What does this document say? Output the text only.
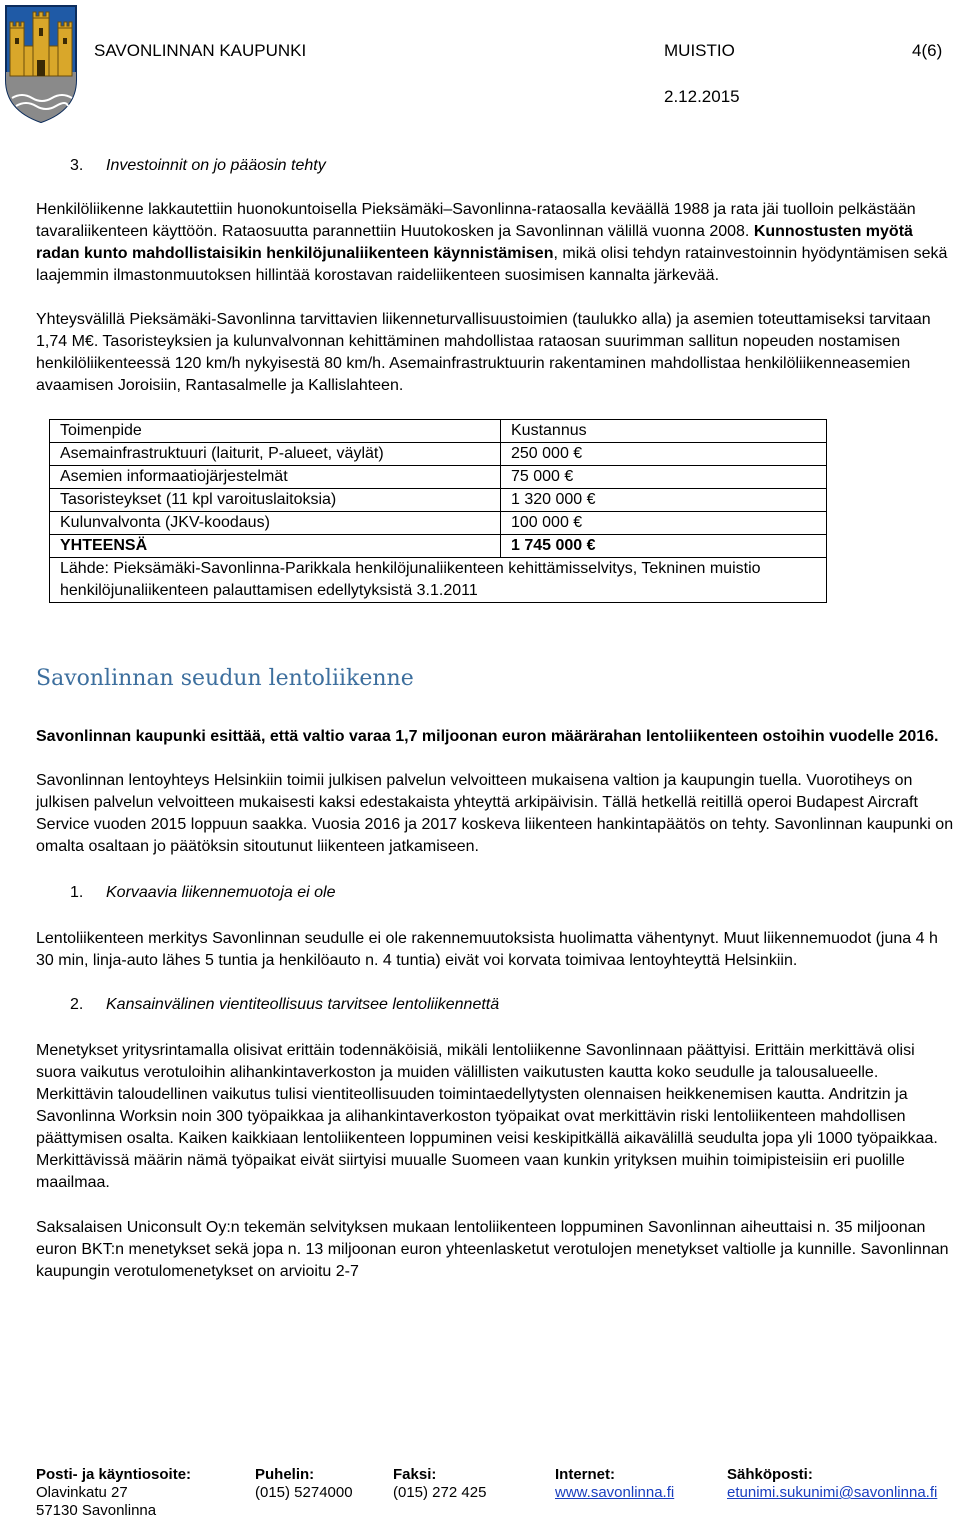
SAVONLINNAN KAUPUNKI	MUISTIO	4(6)
2.12.2015
3. Investoinnit on jo pääosin tehty

Henkilöliikenne lakkautettiin huonokuntoisella Pieksämäki–Savonlinna-rataosalla keväällä 1988 ja rata jäi tuolloin pelkästään tavaraliikenteen käyttöön. Rataosuutta parannettiin Huutokosken ja Savonlinnan välillä vuonna 2008. Kunnostusten myötä radan kunto mahdollistaisikin henkilöjunaliikenteen käynnistämisen, mikä olisi tehdyn ratainvestoinnin hyödyntämisen sekä laajemmin ilmastonmuutoksen hillintää korostavan raideliikenteen suosimisen kannalta järkevää.

Yhteysvälillä Pieksämäki-Savonlinna tarvittavien liikenneturvallisuustoimien (taulukko alla) ja asemien toteuttamiseksi tarvitaan 1,74 M€. Tasoristeyksien ja kulunvalvonnan kehittäminen mahdollistaa rataosan suurimman sallitun nopeuden nostamisen henkilöliikenteessä 120 km/h nykyisestä 80 km/h. Asemainfrastruktuurin rakentaminen mahdollistaa henkilöliikenneasemien avaamisen Joroisiin, Rantasalmelle ja Kallislahteen.

Toimenpide	Kustannus
Asemainfrastruktuuri (laiturit, P-alueet, väylät)	250 000 €
Asemien informaatiojärjestelmät	75 000 €
Tasoristeykset (11 kpl varoituslaitoksia)	1 320 000 €
Kulunvalvonta (JKV-koodaus)	100 000 €
YHTEENSÄ	1 745 000 €
Lähde: Pieksämäki-Savonlinna-Parikkala henkilöjunaliikenteen kehittämisselvitys, Tekninen muistio henkilöjunaliikenteen palauttamisen edellytyksistä 3.1.2011	
Savonlinnan seudun lentoliikenne

Savonlinnan kaupunki esittää, että valtio varaa 1,7 miljoonan euron määrärahan lentoliikenteen ostoihin vuodelle 2016.

Savonlinnan lentoyhteys Helsinkiin toimii julkisen palvelun velvoitteen mukaisena valtion ja kaupungin tuella. Vuorotiheys on julkisen palvelun velvoitteen mukaisesti kaksi edestakaista yhteyttä arkipäivisin. Tällä hetkellä reitillä operoi Budapest Aircraft Service vuoden 2015 loppuun saakka. Vuosia 2016 ja 2017 koskeva liikenteen hankintapäätös on tehty. Savonlinnan kaupunki on omalta osaltaan jo päätöksin sitoutunut liikenteen jatkamiseen.

1. Korvaavia liikennemuotoja ei ole

Lentoliikenteen merkitys Savonlinnan seudulle ei ole rakennemuutoksista huolimatta vähentynyt. Muut liikennemuodot (juna 4 h 30 min, linja-auto lähes 5 tuntia ja henkilöauto n. 4 tuntia) eivät voi korvata toimivaa lentoyhteyttä Helsinkiin.

2. Kansainvälinen vientiteollisuus tarvitsee lentoliikennettä

Menetykset yritysrintamalla olisivat erittäin todennäköisiä, mikäli lentoliikenne Savonlinnaan päättyisi. Erittäin merkittävä olisi suora vaikutus verotuloihin alihankintaverkoston ja muiden välillisten vaikutusten kautta koko seudulle ja talousalueelle. Merkittävin taloudellinen vaikutus tulisi vientiteollisuuden toimintaedellytysten olennaisen heikkenemisen kautta. Andritzin ja Savonlinna Worksin noin 300 työpaikkaa ja alihankintaverkoston työpaikat ovat merkittävin riski lentoliikenteen mahdollisen päättymisen osalta. Kaiken kaikkiaan lentoliikenteen loppuminen veisi keskipitkällä aikavälillä seudulta jopa yli 1000 työpaikkaa. Merkittävissä määrin nämä työpaikat eivät siirtyisi muualle Suomeen vaan kunkin yrityksen muihin toimipisteisiin eri puolille maailmaa.

Saksalaisen Uniconsult Oy:n tekemän selvityksen mukaan lentoliikenteen loppuminen Savonlinnan aiheuttaisi n. 35 miljoonan euron BKT:n menetykset sekä jopa n. 13 miljoonan euron yhteenlasketut verotulojen menetykset valtiolle ja kunnille. Savonlinnan kaupungin verotulomenetykset on arvioitu 2-7

Posti- ja käyntiosoite:
Olavinkatu 27
57130 Savonlinna
Puhelin:
(015) 5274000
Faksi:
(015) 272 425
Internet:
www.savonlinna.fi
Sähköposti:
etunimi.sukunimi@savonlinna.fi
